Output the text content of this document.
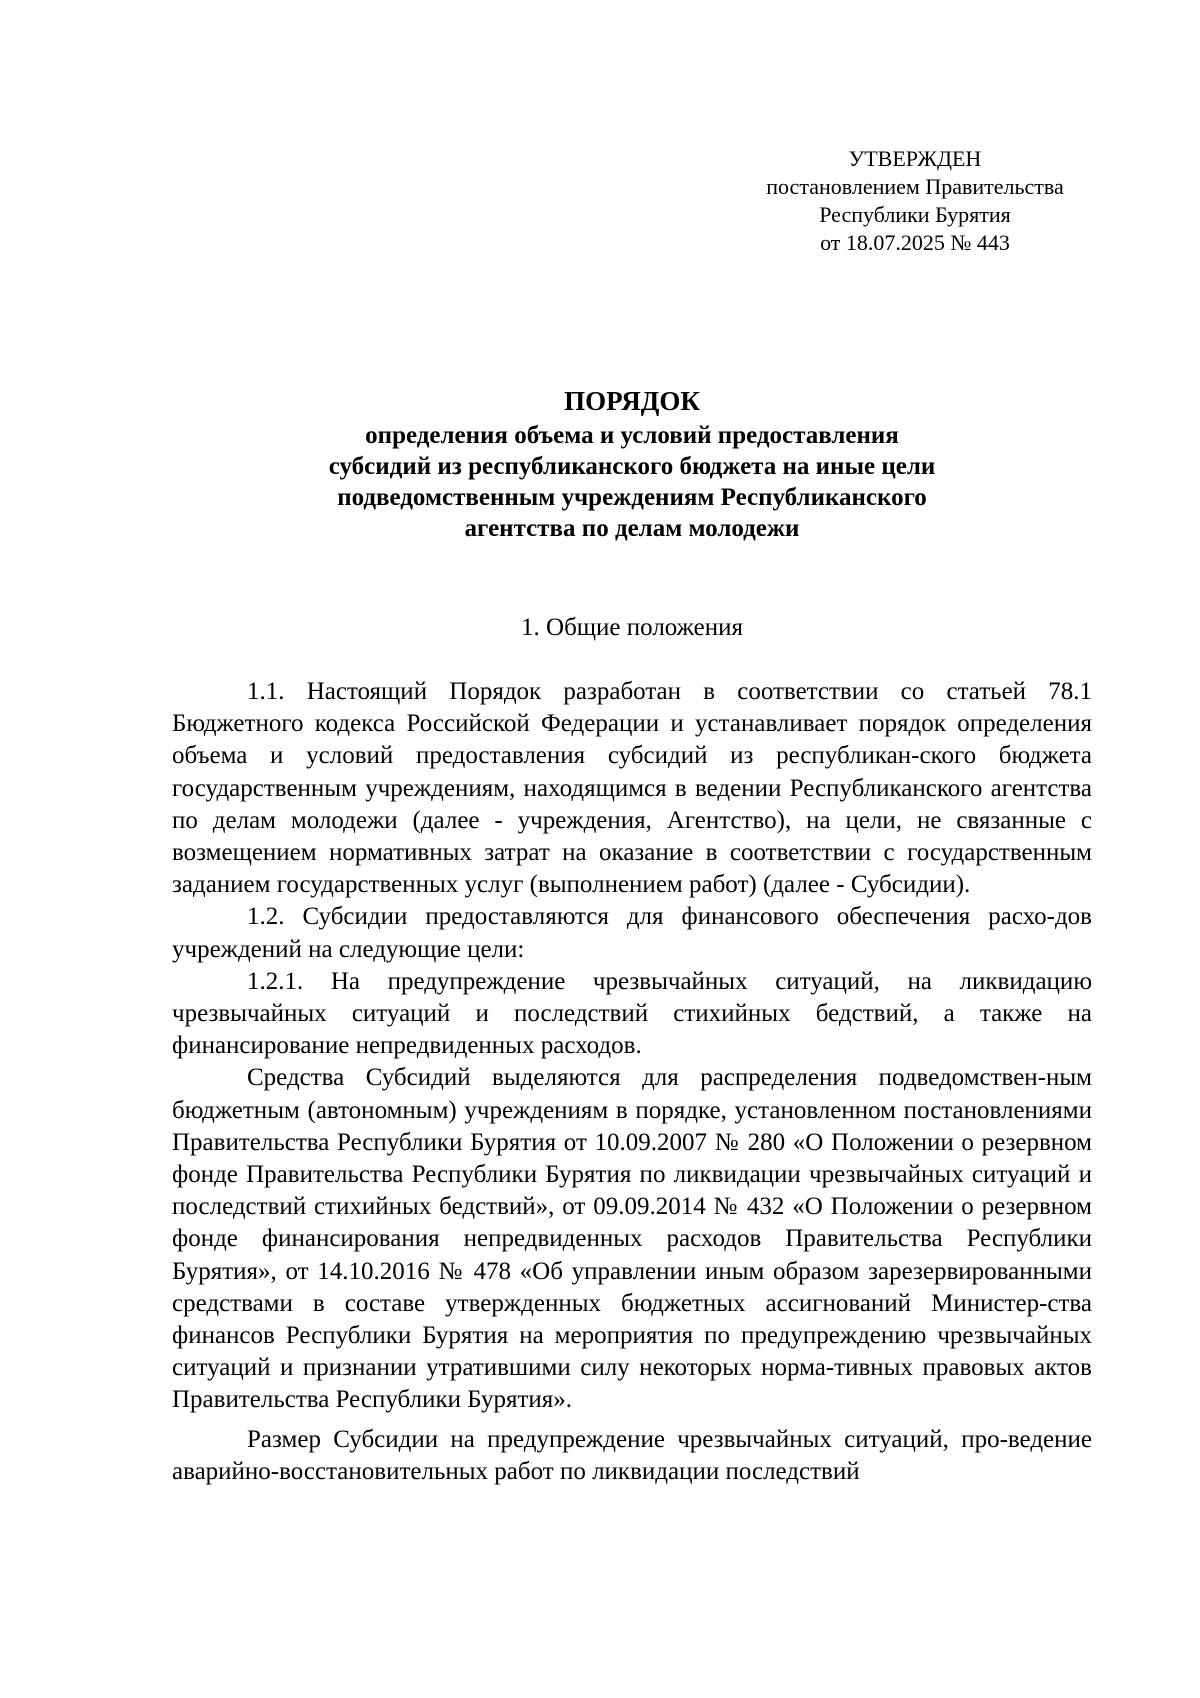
УТВЕРЖДЕН
постановлением Правительства
Республики Бурятия
от 18.07.2025 № 443
ПОРЯДОК
определения объема и условий предоставления
субсидий из республиканского бюджета на иные цели
подведомственным учреждениям Республиканского
агентства по делам молодежи
1. Общие положения

1.1. Настоящий Порядок разработан в соответствии со статьей 78.1 Бюджетного кодекса Российской Федерации и устанавливает порядок определения объема и условий предоставления субсидий из республикан-ского бюджета государственным учреждениям, находящимся в ведении Республиканского агентства по делам молодежи (далее - учреждения, Агентство), на цели, не связанные с возмещением нормативных затрат на оказание в соответствии с государственным заданием государственных услуг (выполнением работ) (далее - Субсидии).

1.2. Субсидии предоставляются для финансового обеспечения расхо-дов учреждений на следующие цели:

1.2.1. На предупреждение чрезвычайных ситуаций, на ликвидацию чрезвычайных ситуаций и последствий стихийных бедствий, а также на финансирование непредвиденных расходов.

Средства Субсидий выделяются для распределения подведомствен-ным бюджетным (автономным) учреждениям в порядке, установленном постановлениями Правительства Республики Бурятия от 10.09.2007 № 280 «О Положении о резервном фонде Правительства Республики Бурятия по ликвидации чрезвычайных ситуаций и последствий стихийных бедствий», от 09.09.2014 № 432 «О Положении о резервном фонде финансирования непредвиденных расходов Правительства Республики Бурятия», от 14.10.2016 № 478 «Об управлении иным образом зарезервированными средствами в составе утвержденных бюджетных ассигнований Министер-ства финансов Республики Бурятия на мероприятия по предупреждению чрезвычайных ситуаций и признании утратившими силу некоторых норма-тивных правовых актов Правительства Республики Бурятия».

Размер Субсидии на предупреждение чрезвычайных ситуаций, про-ведение аварийно-восстановительных работ по ликвидации последствий
